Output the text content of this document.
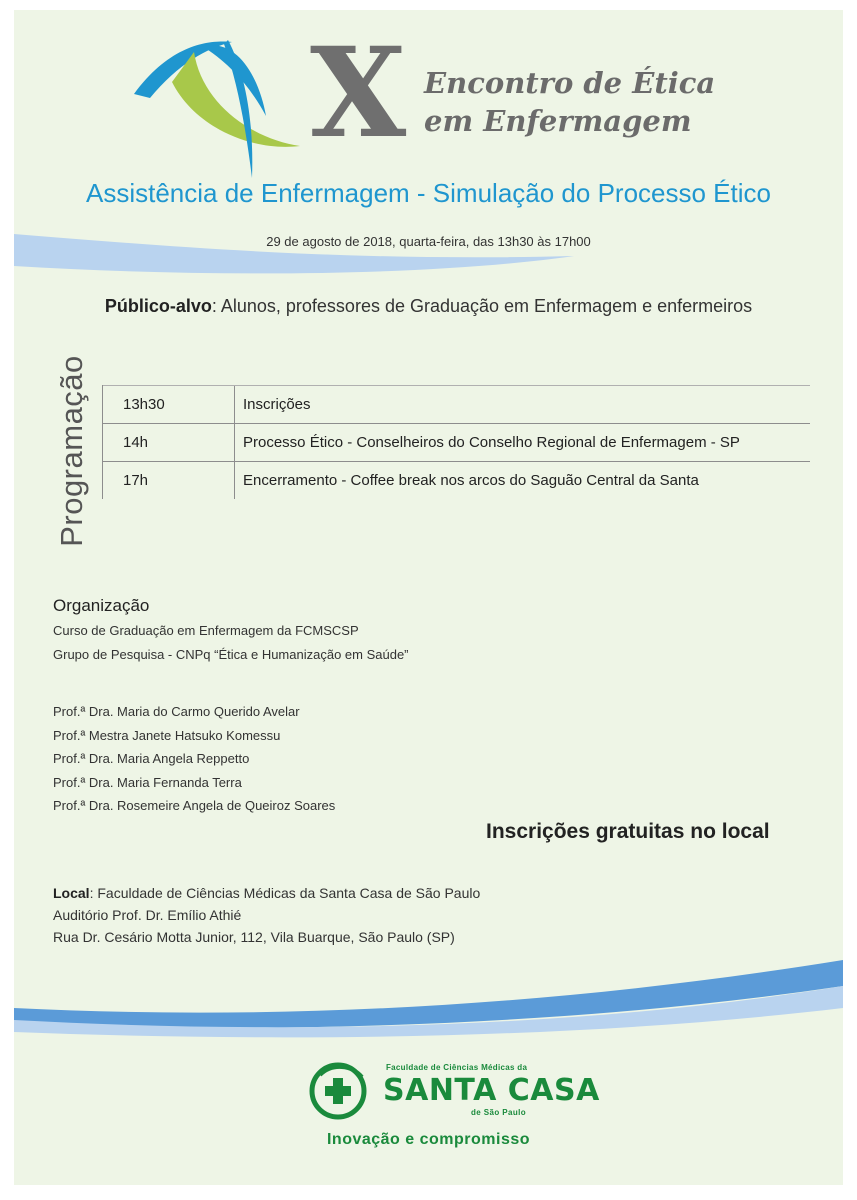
X Encontro de Ética
em Enfermagem
Assistência de Enfermagem - Simulação do Processo Ético
29 de agosto de 2018, quarta-feira, das 13h30 às 17h00
Público-alvo: Alunos, professores de Graduação em Enfermagem e enfermeiros
Programação	13h30	Inscrições
14h	Processo Ético - Conselheiros do Conselho Regional de Enfermagem - SP
17h	Encerramento - Coffee break nos arcos do Saguão Central da Santa
Organização
Curso de Graduação em Enfermagem da FCMSCSP
Grupo de Pesquisa - CNPq “Ética e Humanização em Saúde”
Prof.ª Dra. Maria do Carmo Querido Avelar
Prof.ª Mestra Janete Hatsuko Komessu
Prof.ª Dra. Maria Angela Reppetto
Prof.ª Dra. Maria Fernanda Terra
Prof.ª Dra. Rosemeire Angela de Queiroz Soares
Inscrições gratuitas no local
Local: Faculdade de Ciências Médicas da Santa Casa de São Paulo
Auditório Prof. Dr. Emílio Athié
Rua Dr. Cesário Motta Junior, 112, Vila Buarque, São Paulo (SP)
Faculdade de Ciências Médicas da
SANTA CASA
de São Paulo
Inovação e compromisso
